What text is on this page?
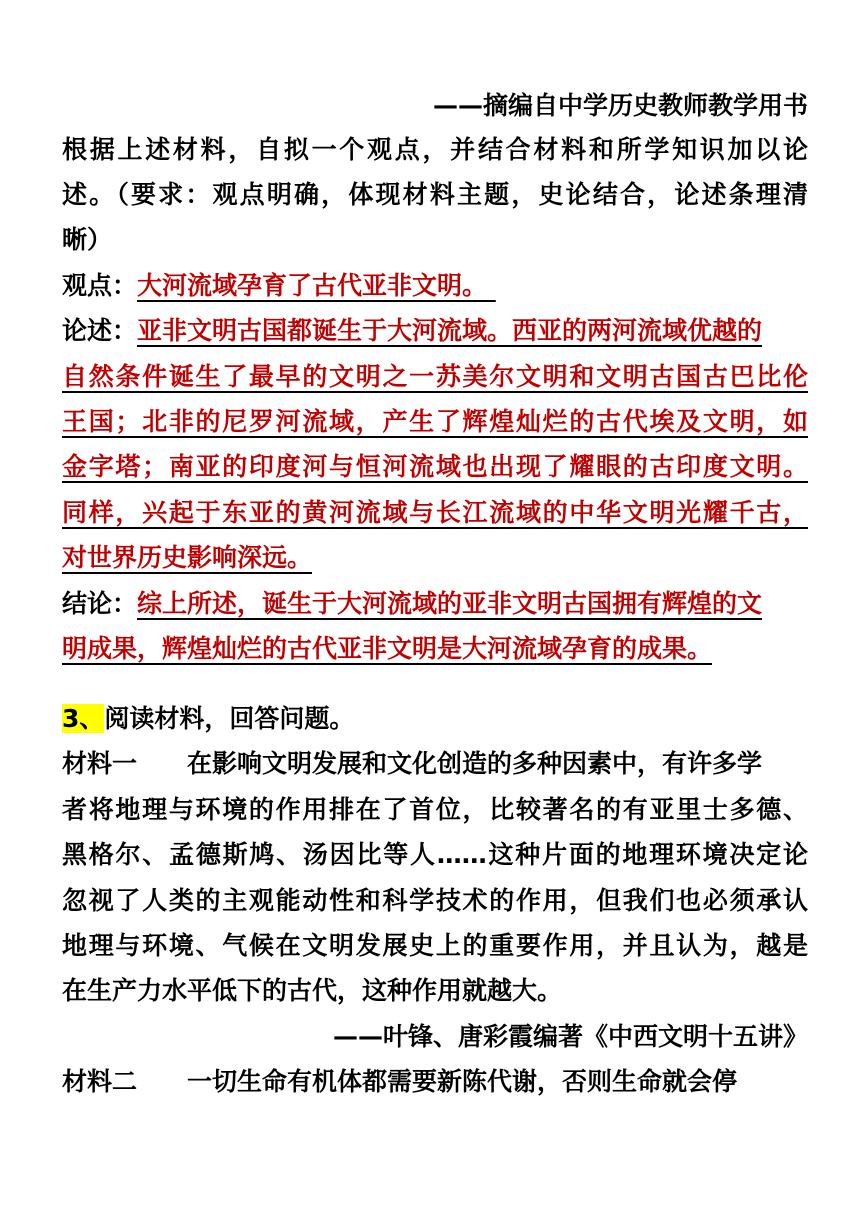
——摘编自中学历史教师教学用书
根据上述材料，自拟一个观点，并结合材料和所学知识加以论
述。（要求：观点明确，体现材料主题，史论结合，论述条理清
晰）
观点：大河流域孕育了古代亚非文明。
论述：亚非文明古国都诞生于大河流域。西亚的两河流域优越的
自然条件诞生了最早的文明之一苏美尔文明和文明古国古巴比伦
王国；北非的尼罗河流域，产生了辉煌灿烂的古代埃及文明，如
金字塔；南亚的印度河与恒河流域也出现了耀眼的古印度文明。
同样，兴起于东亚的黄河流域与长江流域的中华文明光耀千古，
对世界历史影响深远。
结论：综上所述，诞生于大河流域的亚非文明古国拥有辉煌的文
明成果，辉煌灿烂的古代亚非文明是大河流域孕育的成果。
3、阅读材料，回答问题。
材料一 在影响文明发展和文化创造的多种因素中，有许多学
者将地理与环境的作用排在了首位，比较著名的有亚里士多德、
黑格尔、孟德斯鸠、汤因比等人……这种片面的地理环境决定论
忽视了人类的主观能动性和科学技术的作用，但我们也必须承认
地理与环境、气候在文明发展史上的重要作用，并且认为，越是
在生产力水平低下的古代，这种作用就越大。
——叶锋、唐彩霞编著《中西文明十五讲》
材料二 一切生命有机体都需要新陈代谢，否则生命就会停
